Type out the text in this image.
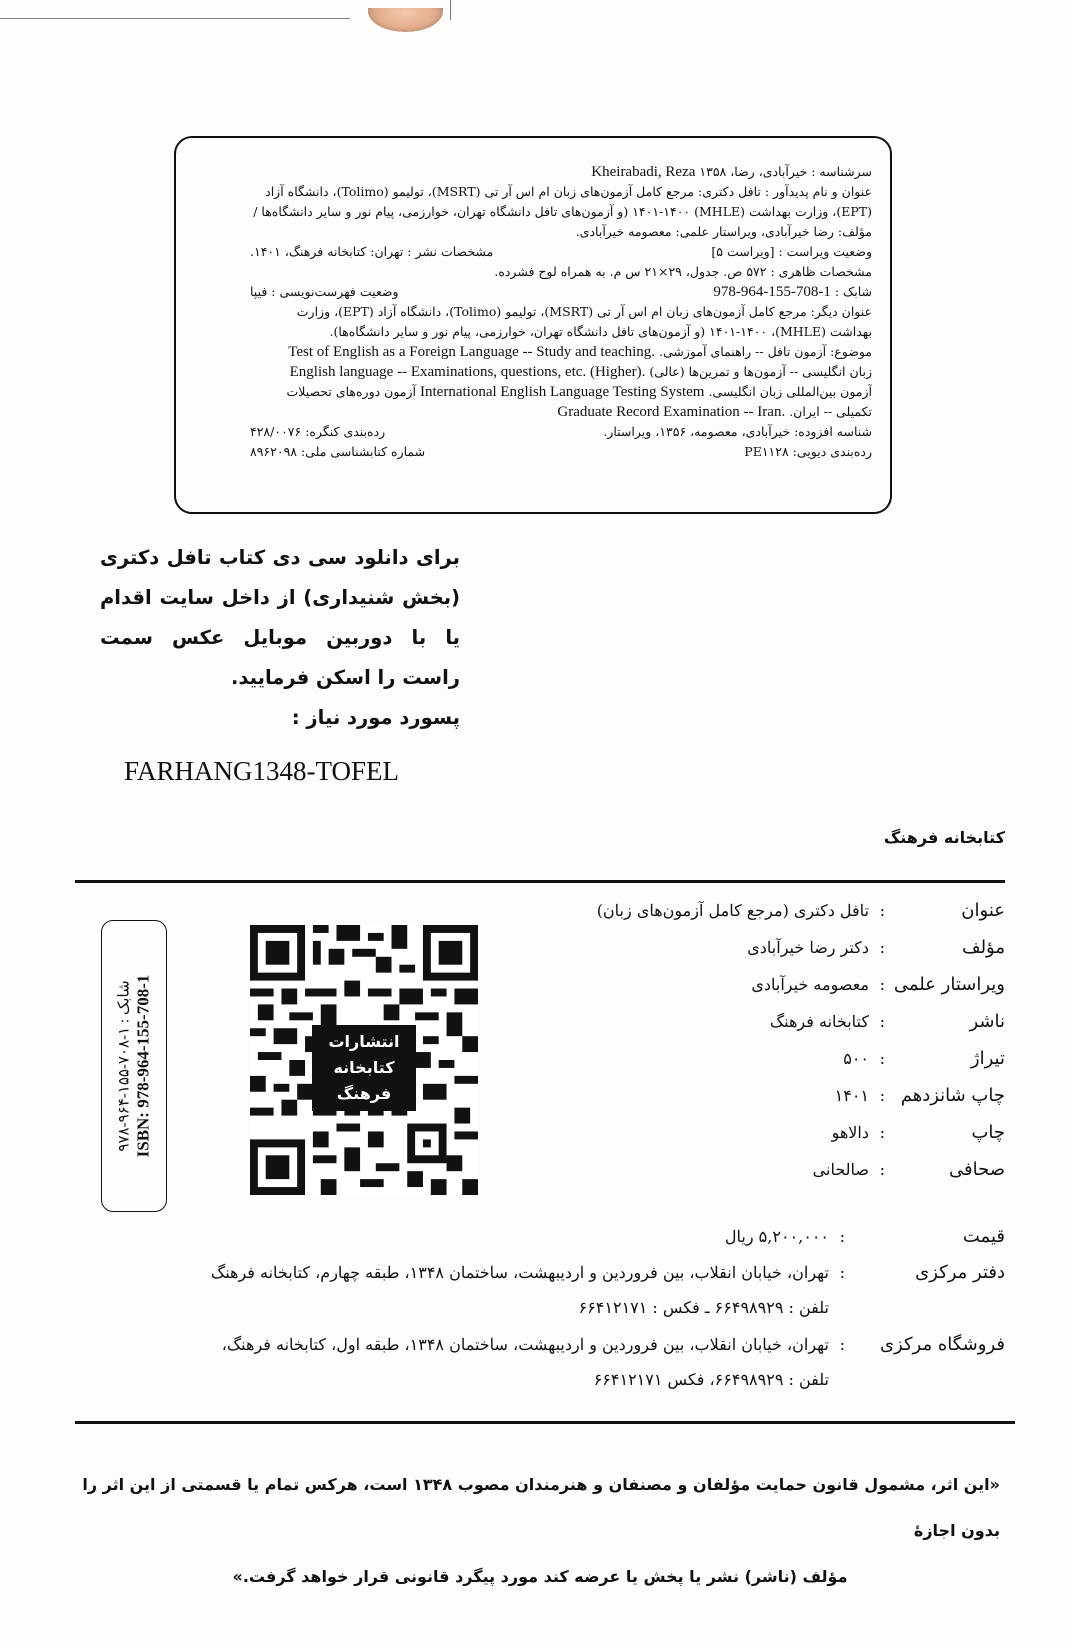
سرشناسه : خیرآبادی، رضا، ۱۳۵۸ Kheirabadi, Reza
عنوان و نام پدیدآور : تافل دکتری: مرجع کامل آزمون‌های زبان ام اس آر تی (MSRT)، تولیمو (Tolimo)، دانشگاه آزاد
(EPT)، وزارت بهداشت (MHLE) ۱۴۰۱-۱۴۰۰ (و آزمون‌های تافل دانشگاه تهران، خوارزمی، پیام نور و سایر دانشگاه‌ها /
مؤلف: رضا خیرآبادی، ویراستار علمی: معصومه خیرآبادی.
وضعیت ویراست : [ویراست ۵]
مشخصات نشر : تهران: کتابخانه فرهنگ، ۱۴۰۱.
مشخصات ظاهری : ۵۷۲ ص. جدول، ۲۹×۲۱ س م. به همراه لوح فشرده.
شابک : 978-964-155-708-1
وضعیت فهرست‌نویسی : فیپا
عنوان دیگر: مرجع کامل آزمون‌های زبان ام اس آر تی (MSRT)، تولیمو (Tolimo)، دانشگاه آزاد (EPT)، وزارت
بهداشت (MHLE)، ۱۴۰۱-۱۴۰۰ (و آزمون‌های تافل دانشگاه تهران، خوارزمی، پیام نور و سایر دانشگاه‌ها).
موضوع: آزمون تافل -- راهنمای آموزشی. Test of English as a Foreign Language -- Study and teaching.
زبان انگلیسی -- آزمون‌ها و تمرین‌ها (عالی) English language -- Examinations, questions, etc. (Higher).
آزمون بین‌المللی زبان انگلیسی. International English Language Testing System آزمون دوره‌های تحصیلات
تکمیلی -- ایران. Graduate Record Examination -- Iran.
شناسه افزوده: خیرآبادی، معصومه، ۱۳۵۶، ویراستار.
رده‌بندی کنگره: ۴۲۸/۰۰۷۶
رده‌بندی دیویی: PE۱۱۲۸
شماره کتابشناسی ملی: ۸۹۶۲۰۹۸
برای دانلود سی دی کتاب تافل دکتری (بخش شنیداری) از داخل سایت اقدام یا با دوربین موبایل عکس سمت راست را اسکن فرمایید.
پسورد مورد نیاز :
FARHANG1348-TOFEL
کتابخانه فرهنگ
شابک : ۱-۷۰۸-۱۵۵-۹۶۴-۹۷۸ ISBN: 978-964-155-708-1	انتشارات
کتابخانه
فرهنگ
عنوان
:
تافل دکتری (مرجع کامل آزمون‌های زبان)
مؤلف
:
دکتر رضا خیرآبادی
ویراستار علمی
:
معصومه خیرآبادی
ناشر
:
کتابخانه فرهنگ
تیراژ
:
۵۰۰
چاپ شانزدهم
:
۱۴۰۱
چاپ
:
دالاهو
صحافی
:
صالحانی
قیمت
:
۵,۲۰۰,۰۰۰ ریال
دفتر مرکزی
:
تهران، خیابان انقلاب، بین فروردین و اردیبهشت، ساختمان ۱۳۴۸، طبقه چهارم، کتابخانه فرهنگ
تلفن : ۶۶۴۹۸۹۲۹ ـ فکس : ۶۶۴۱۲۱۷۱
فروشگاه مرکزی
:
تهران، خیابان انقلاب، بین فروردین و اردیبهشت، ساختمان ۱۳۴۸، طبقه اول، کتابخانه فرهنگ،
تلفن : ۶۶۴۹۸۹۲۹، فکس ۶۶۴۱۲۱۷۱
«این اثر، مشمول قانون حمایت مؤلفان و مصنفان و هنرمندان مصوب ۱۳۴۸ است، هرکس تمام یا قسمتی از این اثر را بدون اجازهٔ
مؤلف (ناشر) نشر یا پخش یا عرضه کند مورد پیگرد قانونی قرار خواهد گرفت.»
